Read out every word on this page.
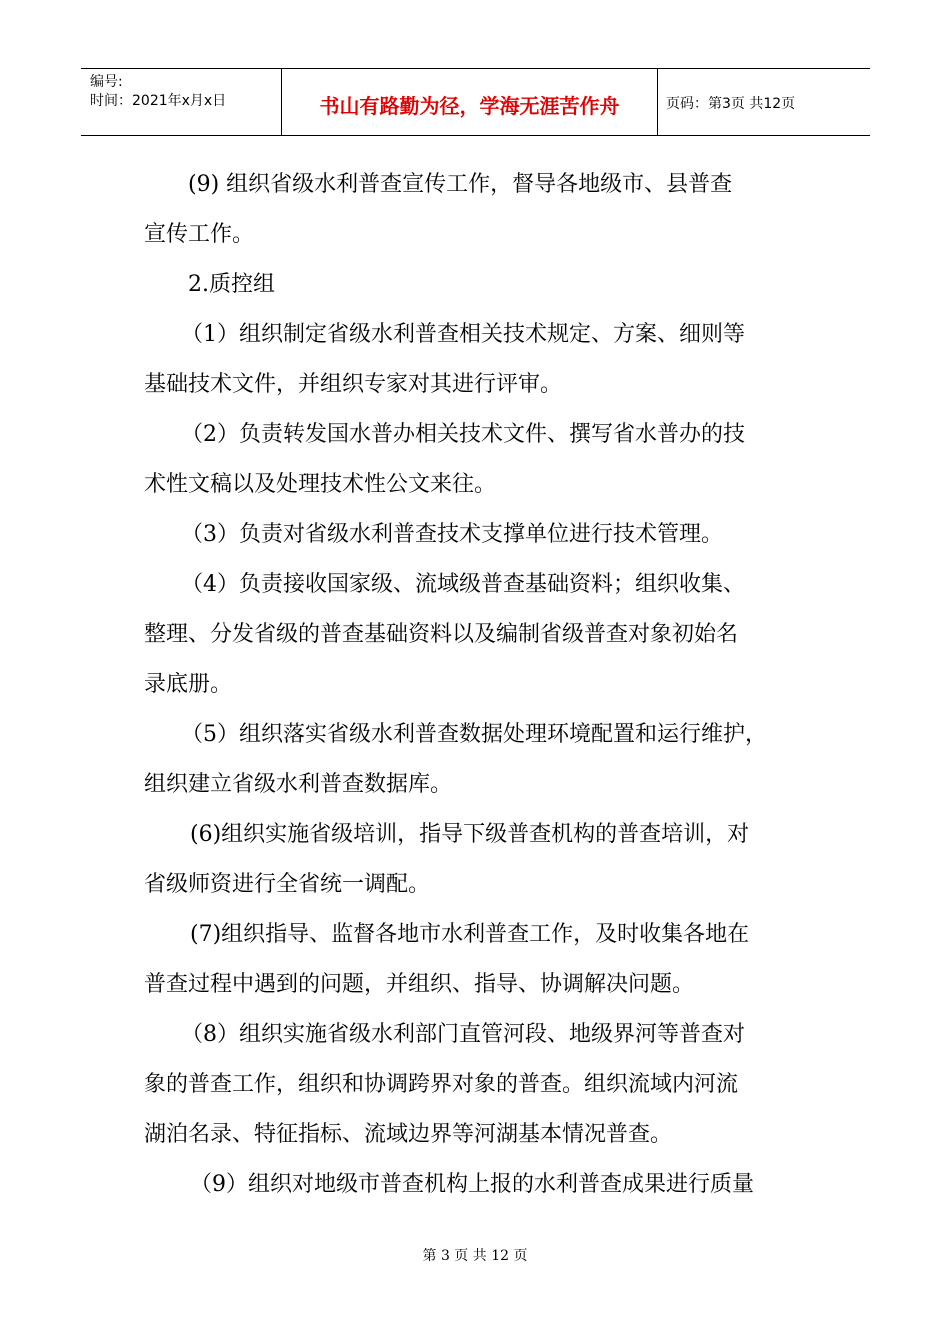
编号:
时间：2021年x月x日	书山有路勤为径，学海无涯苦作舟	页码：第3页 共12页
(9) 组织省级水利普查宣传工作，督导各地级市、县普查
宣传工作。
2.质控组
（1）组织制定省级水利普查相关技术规定、方案、细则等
基础技术文件，并组织专家对其进行评审。
（2）负责转发国水普办相关技术文件、撰写省水普办的技
术性文稿以及处理技术性公文来往。
（3）负责对省级水利普查技术支撑单位进行技术管理。
（4）负责接收国家级、流域级普查基础资料；组织收集、
整理、分发省级的普查基础资料以及编制省级普查对象初始名
录底册。
（5）组织落实省级水利普查数据处理环境配置和运行维护，
组织建立省级水利普查数据库。
(6)组织实施省级培训，指导下级普查机构的普查培训，对
省级师资进行全省统一调配。
(7)组织指导、监督各地市水利普查工作，及时收集各地在
普查过程中遇到的问题，并组织、指导、协调解决问题。
（8）组织实施省级水利部门直管河段、地级界河等普查对
象的普查工作，组织和协调跨界对象的普查。组织流域内河流
湖泊名录、特征指标、流域边界等河湖基本情况普查。
（9）组织对地级市普查机构上报的水利普查成果进行质量
第 3 页 共 12 页
